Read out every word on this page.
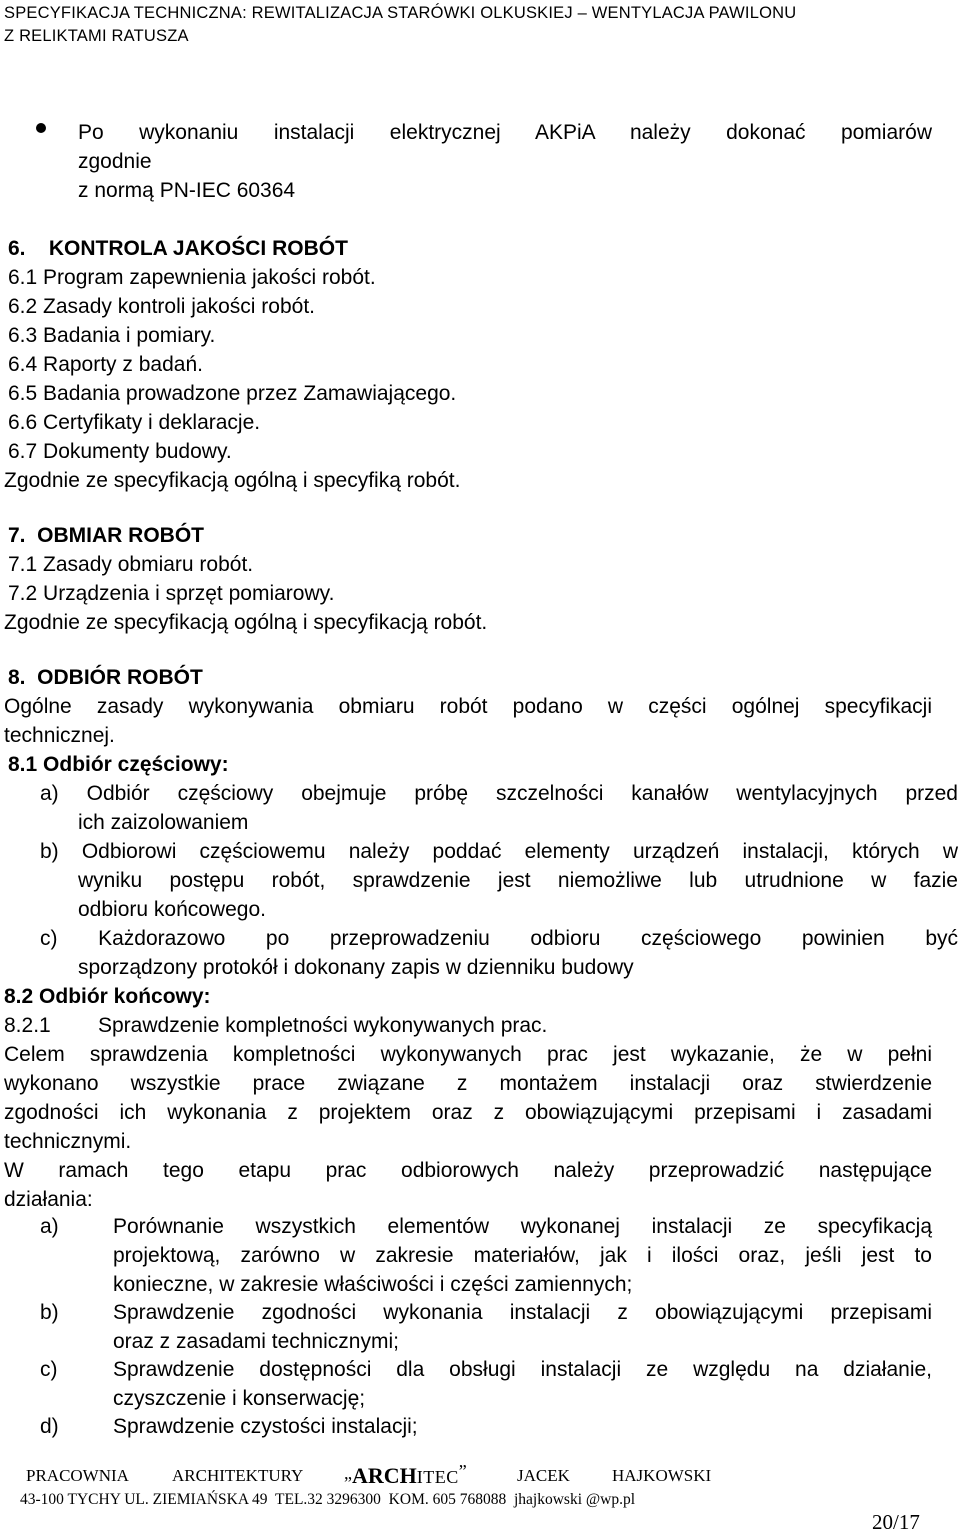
SPECYFIKACJA TECHNICZNA: REWITALIZACJA STARÓWKI OLKUSKIEJ – WENTYLACJA PAWILONU
Z RELIKTAMI RATUSZA
Po wykonaniu instalacji elektrycznej AKPiA należy dokonać pomiarów
zgodnie
z normą PN-IEC 60364
6.    KONTROLA JAKOŚCI ROBÓT
6.1 Program zapewnienia jakości robót.
6.2 Zasady kontroli jakości robót.
6.3 Badania i pomiary.
6.4 Raporty z badań.
6.5 Badania prowadzone przez Zamawiającego.
6.6 Certyfikaty i deklaracje.
6.7 Dokumenty budowy.
Zgodnie ze specyfikacją ogólną i specyfiką robót.
7.  OBMIAR ROBÓT
7.1 Zasady obmiaru robót.
7.2 Urządzenia i sprzęt pomiarowy.
Zgodnie ze specyfikacją ogólną i specyfikacją robót.
8.  ODBIÓR ROBÓT
Ogólne zasady wykonywania obmiaru robót podano w części ogólnej specyfikacji
technicznej.
8.1 Odbiór częściowy:
a) Odbiór częściowy obejmuje próbę szczelności kanałów wentylacyjnych przed
ich zaizolowaniem
b) Odbiorowi częściowemu należy poddać elementy urządzeń instalacji, których w
wyniku postępu robót, sprawdzenie jest niemożliwe lub utrudnione w fazie
odbioru końcowego.
c) Każdorazowo po przeprowadzeniu odbioru częściowego powinien być
sporządzony protokół i dokonany zapis w dzienniku budowy
8.2 Odbiór końcowy:
8.2.1 Sprawdzenie kompletności wykonywanych prac.
Celem sprawdzenia kompletności wykonywanych prac jest wykazanie, że w pełni
wykonano wszystkie prace związane z montażem instalacji oraz stwierdzenie
zgodności ich wykonania z projektem oraz z obowiązującymi przepisami i zasadami
technicznymi.
W ramach tego etapu prac odbiorowych należy przeprowadzić następujące
działania:
a)	Porównanie wszystkich elementów wykonanej instalacji ze specyfikacją
projektową, zarówno w zakresie materiałów, jak i ilości oraz, jeśli jest to
konieczne, w zakresie właściwości i części zamiennych;
b)	Sprawdzenie zgodności wykonania instalacji z obowiązującymi przepisami
oraz z zasadami technicznymi;
c)	Sprawdzenie dostępności dla obsługi instalacji ze względu na działanie,
czyszczenie i konserwację;
d)	Sprawdzenie czystości instalacji;
PRACOWNIA	ARCHITEKTURY „ARCHITEC”	JACEK HAJKOWSKI
43-100 TYCHY UL. ZIEMIAŃSKA 49  TEL.32 3296300  KOM. 605 768088  jhajkowski @wp.pl
20/17
